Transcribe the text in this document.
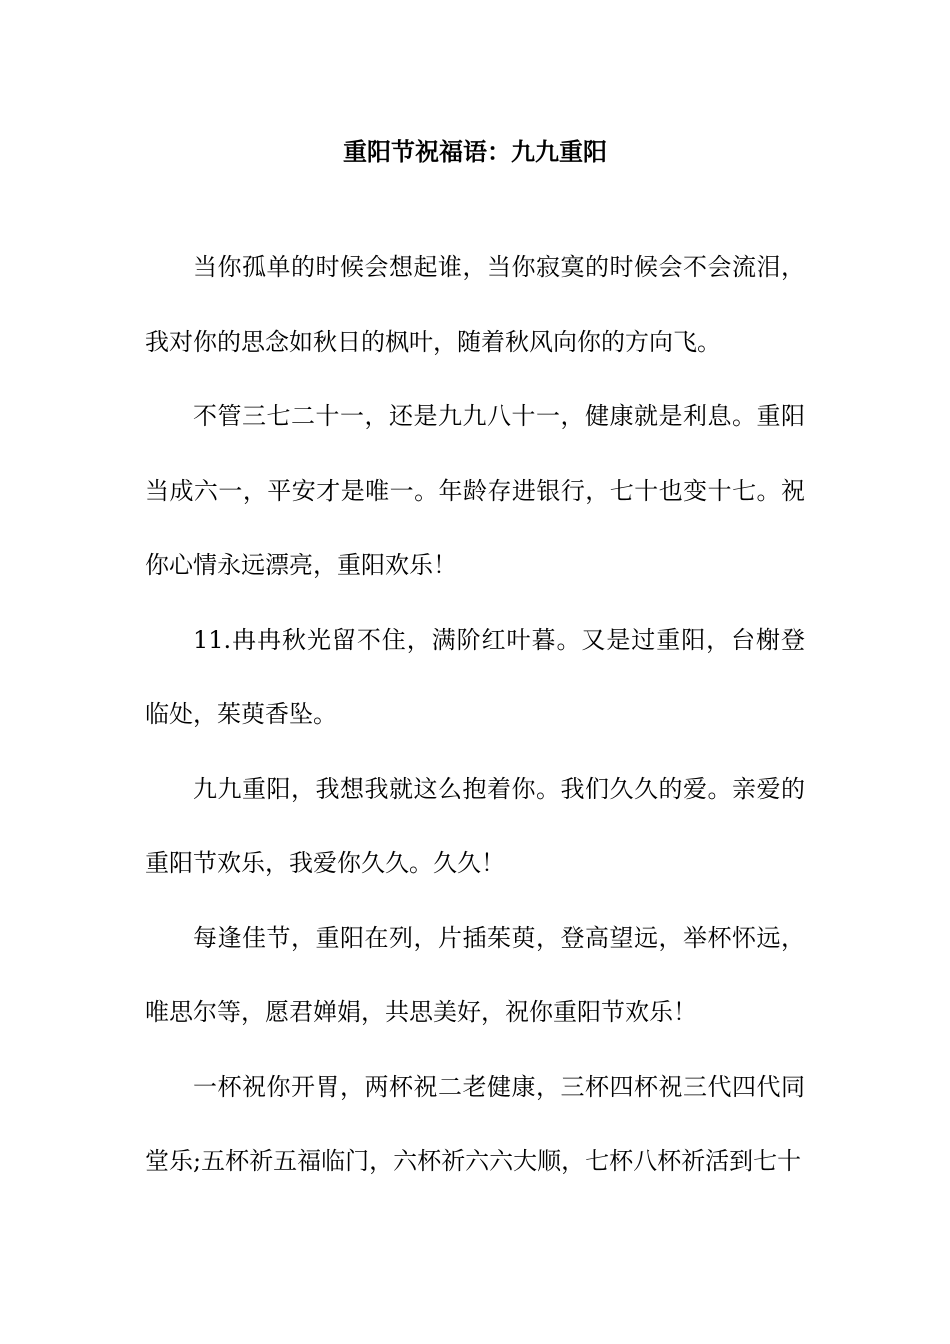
重阳节祝福语：九九重阳

当你孤单的时候会想起谁，当你寂寞的时候会不会流泪，我对你的思念如秋日的枫叶，随着秋风向你的方向飞。

不管三七二十一，还是九九八十一，健康就是利息。重阳当成六一，平安才是唯一。年龄存进银行，七十也变十七。祝你心情永远漂亮，重阳欢乐！

11.冉冉秋光留不住，满阶红叶暮。又是过重阳，台榭登临处，茱萸香坠。

九九重阳，我想我就这么抱着你。我们久久的爱。亲爱的重阳节欢乐，我爱你久久。久久！

每逢佳节，重阳在列，片插茱萸，登高望远，举杯怀远，唯思尔等，愿君婵娟，共思美好，祝你重阳节欢乐！

一杯祝你开胃，两杯祝二老健康，三杯四杯祝三代四代同堂乐;五杯祈五福临门，六杯祈六六大顺，七杯八杯祈活到七十
